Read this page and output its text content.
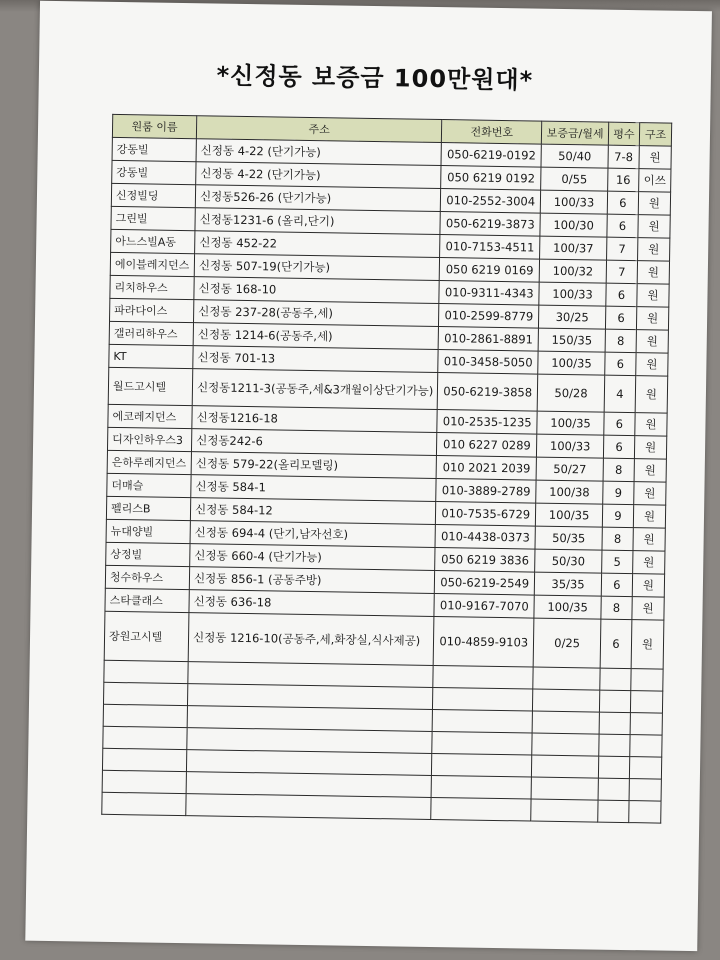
*신정동 보증금 100만원대*
원룸 이름	주소	전화번호	보증금/월세	평수	구조
강동빌	신정동 4-22 (단기가능)	050-6219-0192	50/40	7-8	원
강동빌	신정동 4-22 (단기가능)	050 6219 0192	0/55	16	이쓰
신정빌딩	신정동526-26 (단기가능)	010-2552-3004	100/33	6	원
그린빌	신정동1231-6 (올리,단기)	050-6219-3873	100/30	6	원
아느스빌A동	신정동 452-22	010-7153-4511	100/37	7	원
에이블레지던스	신정동 507-19(단기가능)	050 6219 0169	100/32	7	원
리치하우스	신정동 168-10	010-9311-4343	100/33	6	원
파라다이스	신정동 237-28(공동주,세)	010-2599-8779	30/25	6	원
갤러리하우스	신정동 1214-6(공동주,세)	010-2861-8891	150/35	8	원
KT	신정동 701-13	010-3458-5050	100/35	6	원
월드고시텔	신정동1211-3(공동주,세&3개월이상단기가능)	050-6219-3858	50/28	4	원
에코레지던스	신정동1216-18	010-2535-1235	100/35	6	원
디자인하우스3	신정동242-6	010 6227 0289	100/33	6	원
은하루레지던스	신정동 579-22(올리모델링)	010 2021 2039	50/27	8	원
더매슬	신정동 584-1	010-3889-2789	100/38	9	원
펠리스B	신정동 584-12	010-7535-6729	100/35	9	원
뉴대양빌	신정동 694-4 (단기,남자선호)	010-4438-0373	50/35	8	원
상정빌	신정동 660-4 (단기가능)	050 6219 3836	50/30	5	원
청수하우스	신정동 856-1 (공동주방)	050-6219-2549	35/35	6	원
스타클래스	신정동 636-18	010-9167-7070	100/35	8	원
장원고시텔	신정동 1216-10(공동주,세,화장실,식사제공)	010-4859-9103	0/25	6	원
